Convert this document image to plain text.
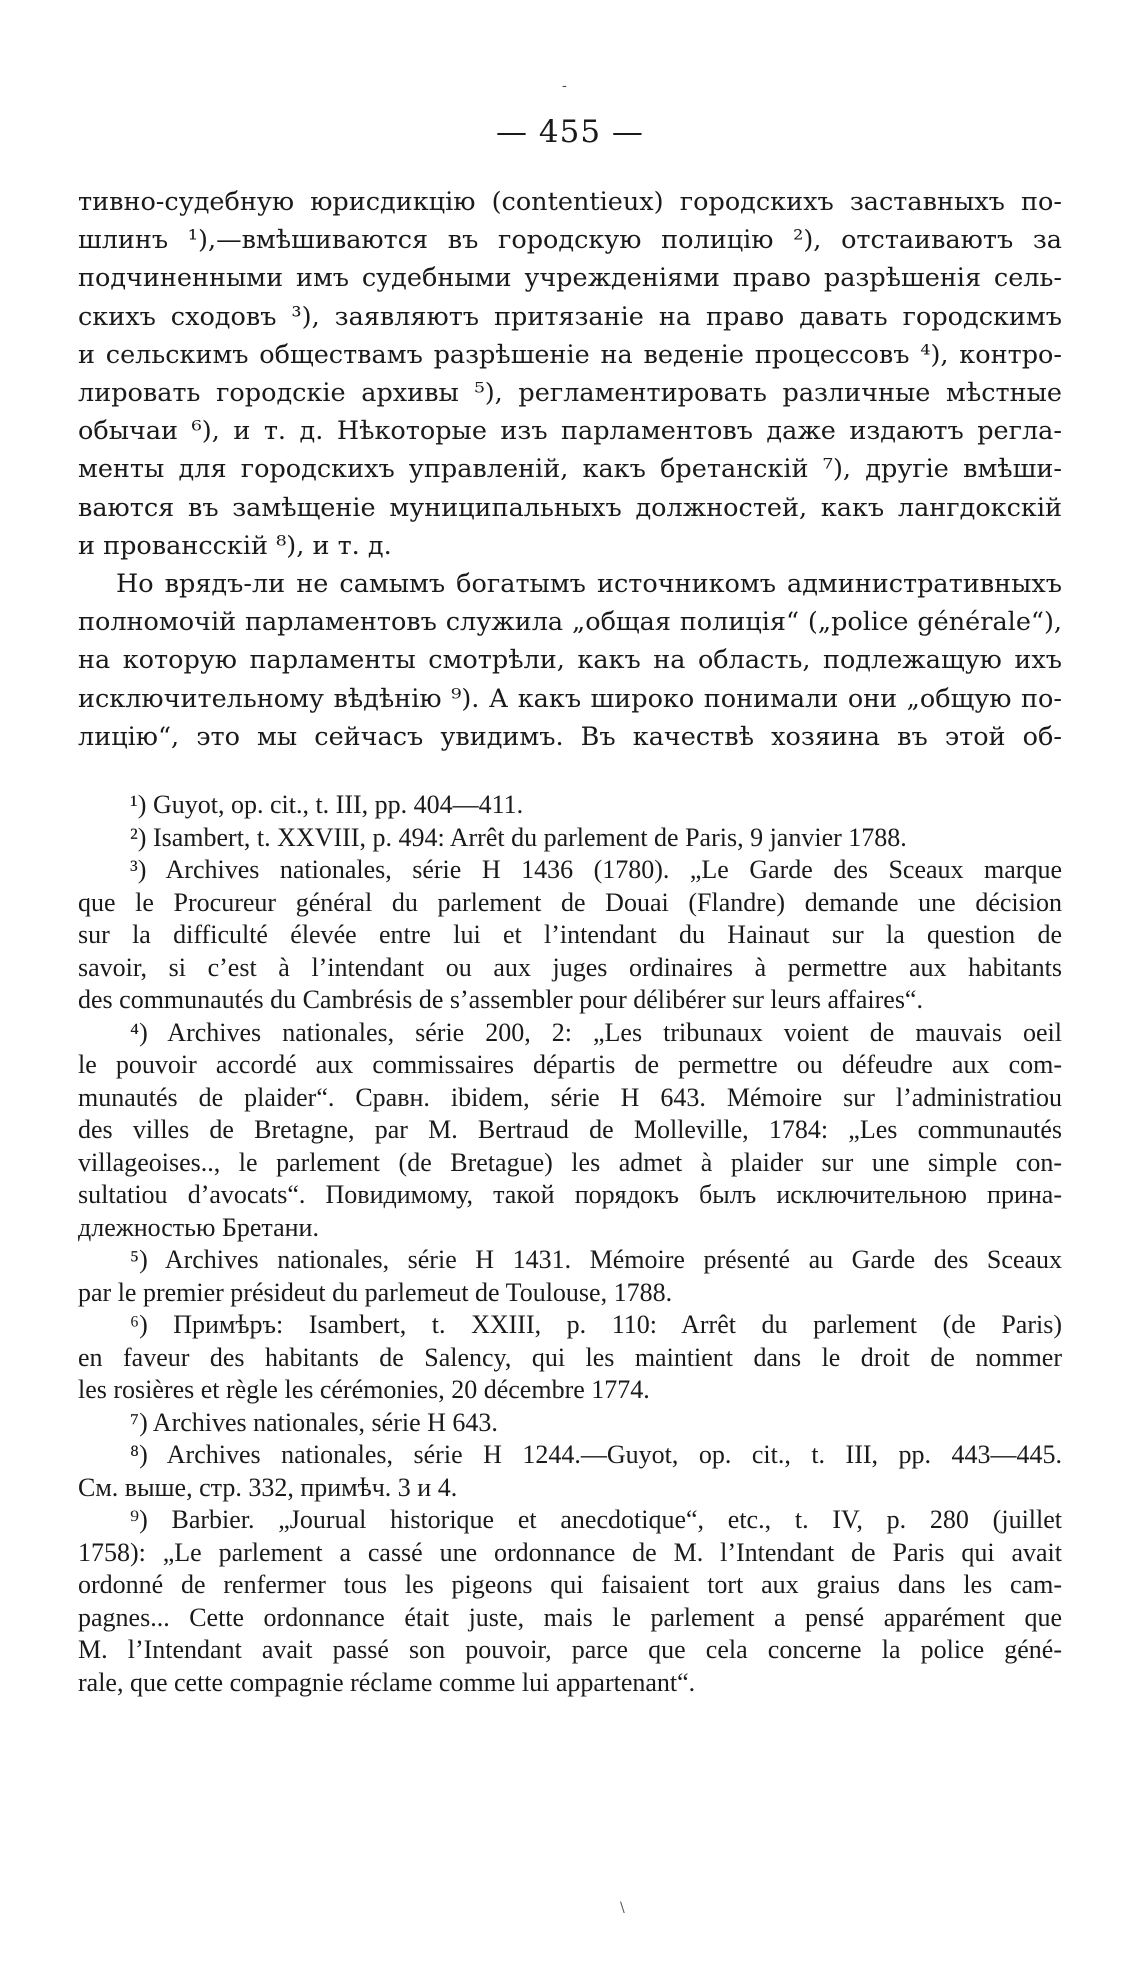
-
— 455 —
тивно-судебную юрисдикцію (contentieux) городскихъ заставныхъ по-
шлинъ ¹),—вмѣшиваются въ городскую полицію ²), отстаиваютъ за
подчиненными имъ судебными учрежденіями право разрѣшенія сель-
скихъ сходовъ ³), заявляютъ притязаніе на право давать городскимъ
и сельскимъ обществамъ разрѣшеніе на веденіе процессовъ ⁴), контро-
лировать городскіе архивы ⁵), регламентировать различные мѣстные
обычаи ⁶), и т. д. Нѣкоторые изъ парламентовъ даже издаютъ регла-
менты для городскихъ управленій, какъ бретанскій ⁷), другіе вмѣши-
ваются въ замѣщеніе муниципальныхъ должностей, какъ лангдокскій
и провансскій ⁸), и т. д.
Но врядъ-ли не самымъ богатымъ источникомъ административныхъ
полномочій парламентовъ служила „общая полиція“ („police générale“),
на которую парламенты смотрѣли, какъ на область, подлежащую ихъ
исключительному вѣдѣнію ⁹). А какъ широко понимали они „общую по-
лицію“, это мы сейчасъ увидимъ. Въ качествѣ хозяина въ этой об-
¹) Guyot, op. cit., t. III, pp. 404—411.
²) Isambert, t. XXVIII, p. 494: Arrêt du parlement de Paris, 9 janvier 1788.
³) Archives nationales, série H 1436 (1780). „Le Garde des Sceaux marque
que le Procureur général du parlement de Douai (Flandre) demande une décision
sur la difficulté élevée entre lui et l’intendant du Hainaut sur la question de
savoir, si c’est à l’intendant ou aux juges ordinaires à permettre aux habitants
des communautés du Cambrésis de s’assembler pour délibérer sur leurs affaires“.
⁴) Archives nationales, série 200, 2: „Les tribunaux voient de mauvais oeil
le pouvoir accordé aux commissaires départis de permettre ou défeudre aux com-
munautés de plaider“. Сравн. ibidem, série H 643. Mémoire sur l’administratiou
des villes de Bretagne, par M. Bertraud de Molleville, 1784: „Les communautés
villageoises.., le parlement (de Bretague) les admet à plaider sur une simple con-
sultatiou d’avocats“. Повидимому, такой порядокъ былъ исключительною прина-
длежностью Бретани.
⁵) Archives nationales, série H 1431. Mémoire présenté au Garde des Sceaux
par le premier présideut du parlemeut de Toulouse, 1788.
⁶) Примѣръ: Isambert, t. XXIII, p. 110: Arrêt du parlement (de Paris)
en faveur des habitants de Salency, qui les maintient dans le droit de nommer
les rosières et règle les cérémonies, 20 décembre 1774.
⁷) Archives nationales, série H 643.
⁸) Archives nationales, série H 1244.—Guyot, op. cit., t. III, pp. 443—445.
См. выше, стр. 332, примѣч. 3 и 4.
⁹) Barbier. „Jourual historique et anecdotique“, etc., t. IV, p. 280 (juillet
1758): „Le parlement a cassé une ordonnance de M. l’Intendant de Paris qui avait
ordonné de renfermer tous les pigeons qui faisaient tort aux graius dans les cam-
pagnes... Cette ordonnance était juste, mais le parlement a pensé apparément que
M. l’Intendant avait passé son pouvoir, parce que cela concerne la police géné-
rale, que cette compagnie réclame comme lui appartenant“.
\
